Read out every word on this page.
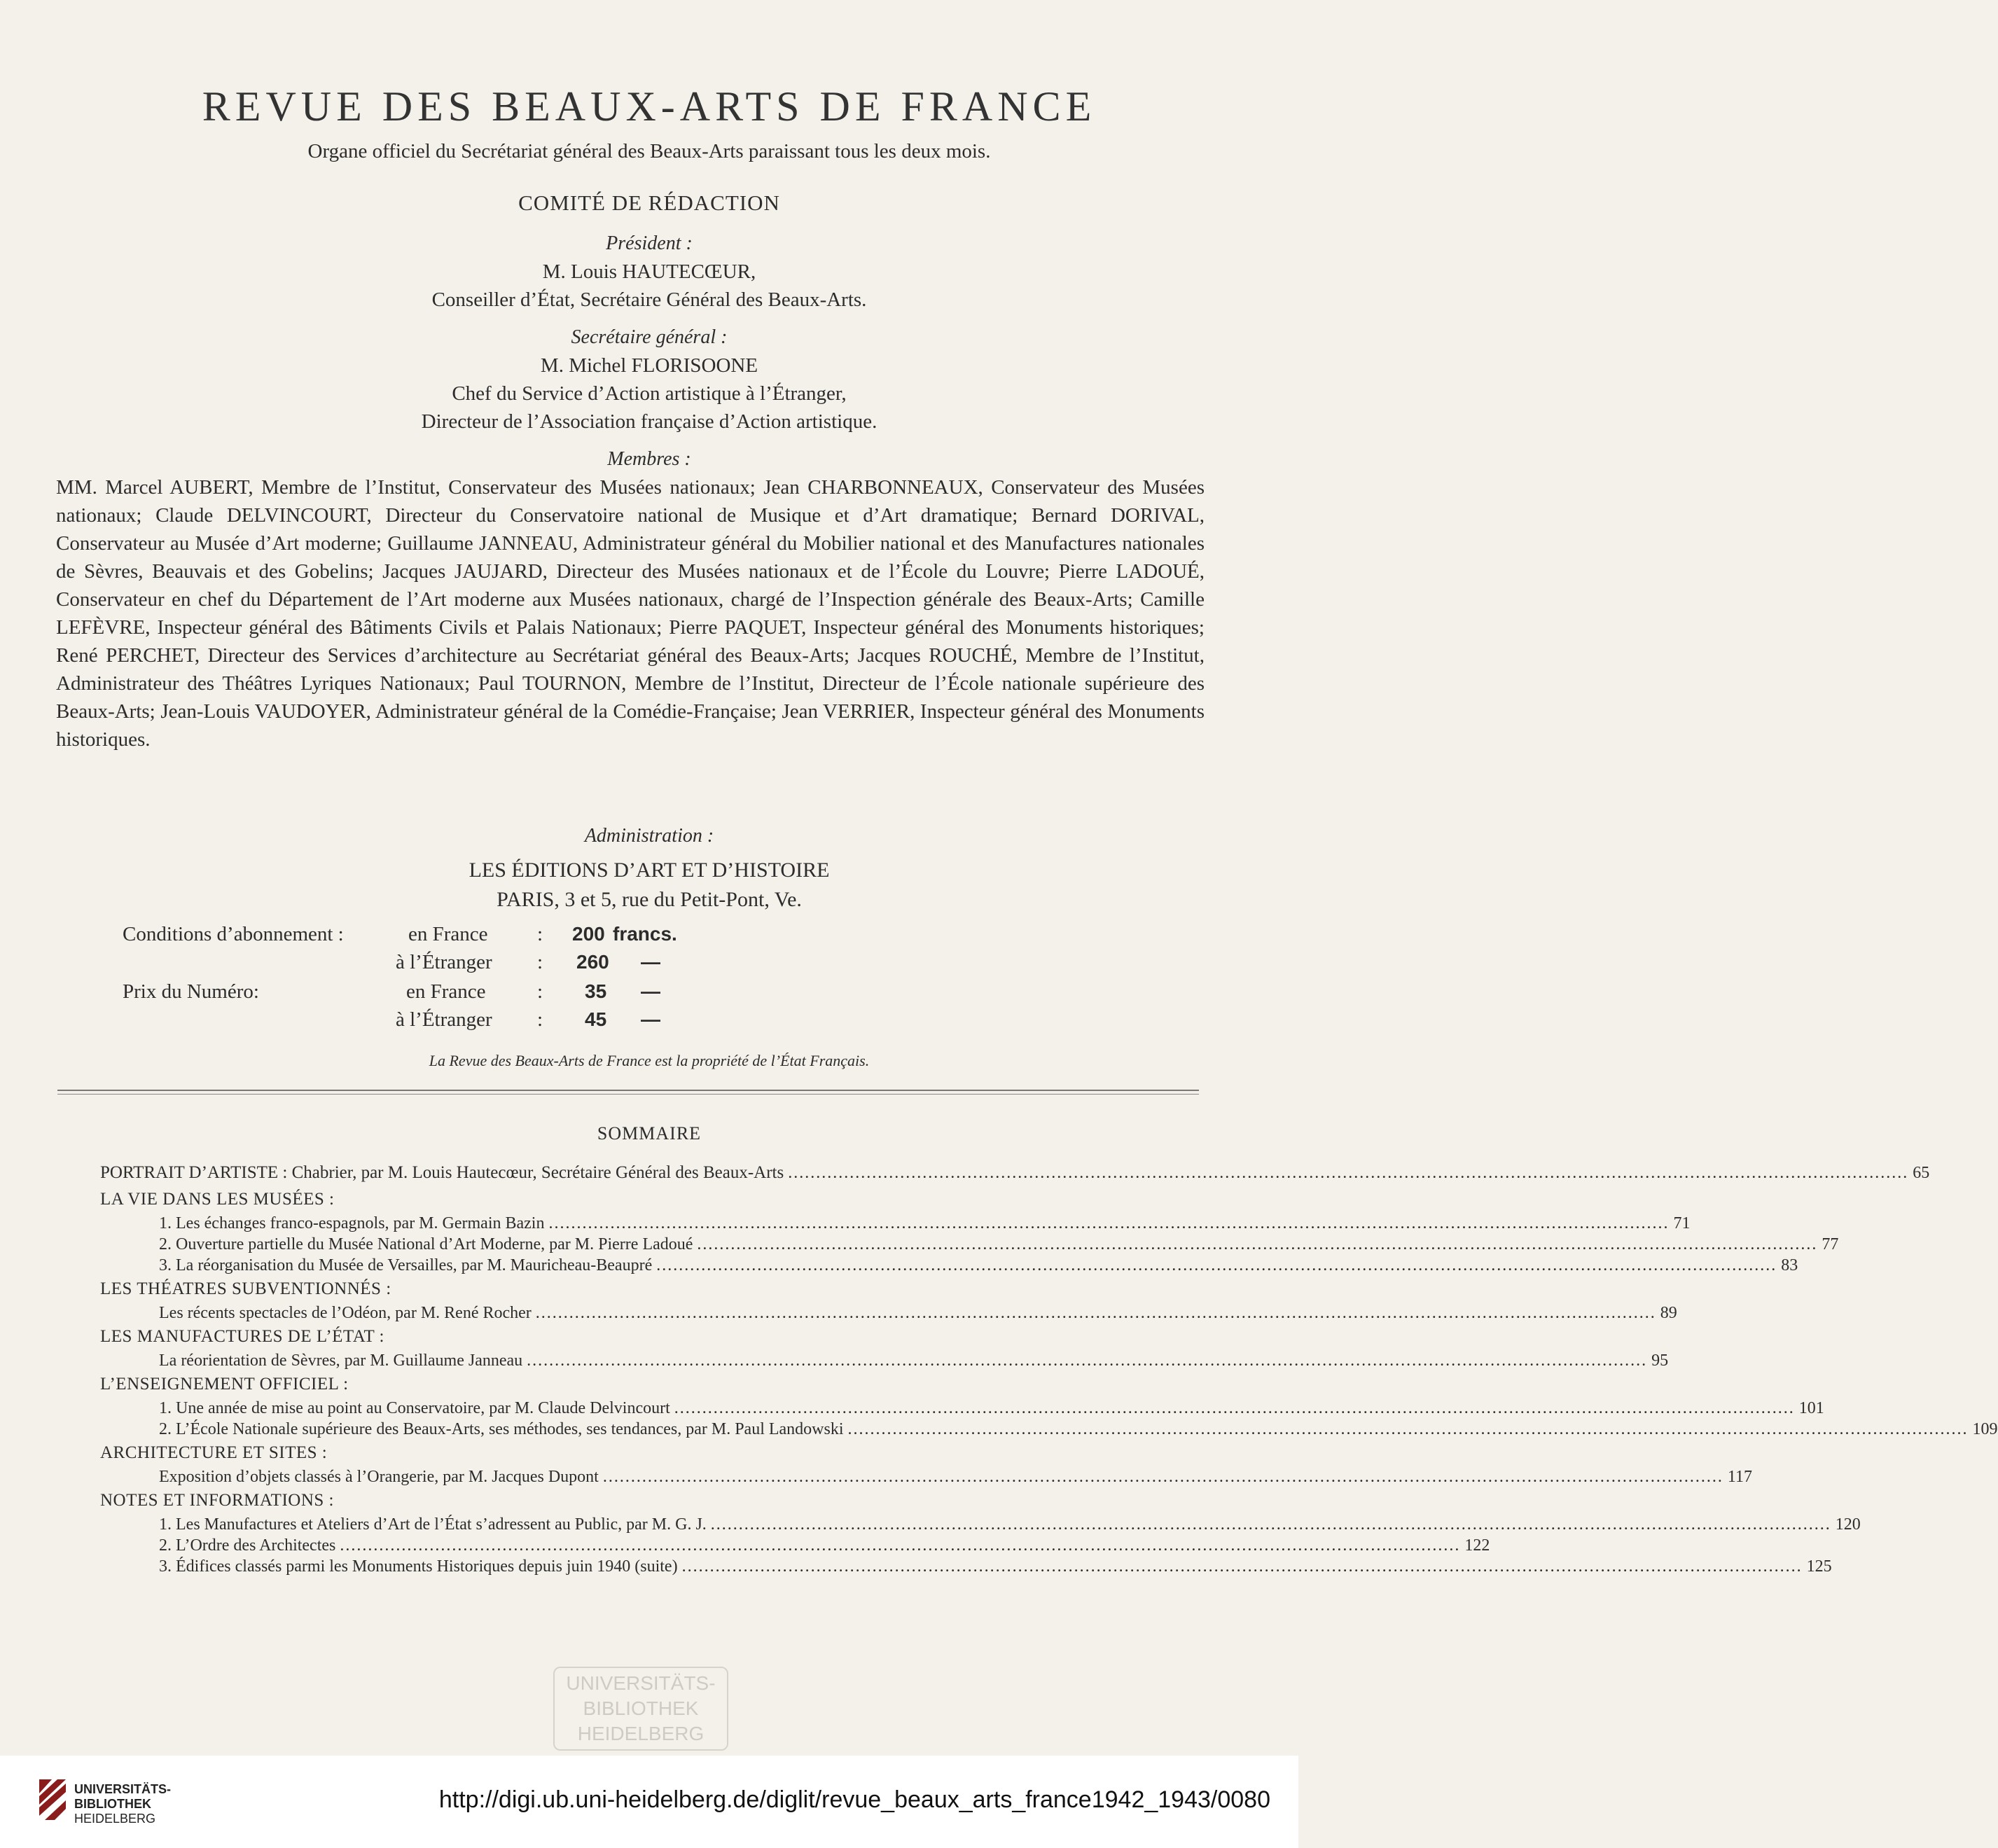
REVUE DES BEAUX-ARTS DE FRANCE
Organe officiel du Secrétariat général des Beaux-Arts paraissant tous les deux mois.
COMITÉ DE RÉDACTION
Président :
M. Louis HAUTECŒUR,
Conseiller d’État, Secrétaire Général des Beaux-Arts.
Secrétaire général :
M. Michel FLORISOONE
Chef du Service d’Action artistique à l’Étranger,
Directeur de l’Association française d’Action artistique.
Membres :
MM. Marcel AUBERT, Membre de l’Institut, Conservateur des Musées nationaux; Jean CHARBONNEAUX, Conservateur des Musées nationaux; Claude DELVINCOURT, Directeur du Conservatoire national de Musique et d’Art dramatique; Bernard DORIVAL, Conservateur au Musée d’Art moderne; Guillaume JANNEAU, Administrateur général du Mobilier national et des Manufactures nationales de Sèvres, Beauvais et des Gobelins; Jacques JAUJARD, Directeur des Musées nationaux et de l’École du Louvre; Pierre LADOUÉ, Conservateur en chef du Département de l’Art moderne aux Musées nationaux, chargé de l’Inspection générale des Beaux-Arts; Camille LEFÈVRE, Inspecteur général des Bâtiments Civils et Palais Nationaux; Pierre PAQUET, Inspecteur général des Monuments historiques; René PERCHET, Directeur des Services d’architecture au Secrétariat général des Beaux-Arts; Jacques ROUCHÉ, Membre de l’Institut, Administrateur des Théâtres Lyriques Nationaux; Paul TOURNON, Membre de l’Institut, Directeur de l’École nationale supérieure des Beaux-Arts; Jean-Louis VAUDOYER, Administrateur général de la Comédie-Française; Jean VERRIER, Inspecteur général des Monuments historiques.
Administration :
LES ÉDITIONS D’ART ET D’HISTOIRE
PARIS, 3 et 5, rue du Petit-Pont, Ve.
Conditions d’abonnement :	en France : 200 francs.
à l’Étranger : 260 —
Prix du Numéro:	en France	: 35 —
à l’Étranger : 45 —
La Revue des Beaux-Arts de France est la propriété de l’État Français.
SOMMAIRE
PORTRAIT D’ARTISTE : Chabrier, par M. Louis Hautecœur, Secrétaire Général des Beaux-Arts ........................................................................................................................................................................................................ 65
LA VIE DANS LES MUSÉES :
1. Les échanges franco-espagnols, par M. Germain Bazin ........................................................................................................................................................................................................ 71
2. Ouverture partielle du Musée National d’Art Moderne, par M. Pierre Ladoué ........................................................................................................................................................................................................ 77
3. La réorganisation du Musée de Versailles, par M. Mauricheau-Beaupré ........................................................................................................................................................................................................ 83
LES THÉATRES SUBVENTIONNÉS :
Les récents spectacles de l’Odéon, par M. René Rocher ........................................................................................................................................................................................................ 89
LES MANUFACTURES DE L’ÉTAT :
La réorientation de Sèvres, par M. Guillaume Janneau ........................................................................................................................................................................................................ 95
L’ENSEIGNEMENT OFFICIEL :
1. Une année de mise au point au Conservatoire, par M. Claude Delvincourt ........................................................................................................................................................................................................ 101
2. L’École Nationale supérieure des Beaux-Arts, ses méthodes, ses tendances, par M. Paul Landowski ........................................................................................................................................................................................................ 109
ARCHITECTURE ET SITES :
Exposition d’objets classés à l’Orangerie, par M. Jacques Dupont ........................................................................................................................................................................................................ 117
NOTES ET INFORMATIONS :
1. Les Manufactures et Ateliers d’Art de l’État s’adressent au Public, par M. G. J. ........................................................................................................................................................................................................ 120
2. L’Ordre des Architectes ........................................................................................................................................................................................................ 122
3. Édifices classés parmi les Monuments Historiques depuis juin 1940 (suite) ........................................................................................................................................................................................................ 125
UNIVERSITÄTS-
BIBLIOTHEK
HEIDELBERG
UNIVERSITÄTS-
BIBLIOTHEK
HEIDELBERG
http://digi.ub.uni-heidelberg.de/diglit/revue_beaux_arts_france1942_1943/0080
